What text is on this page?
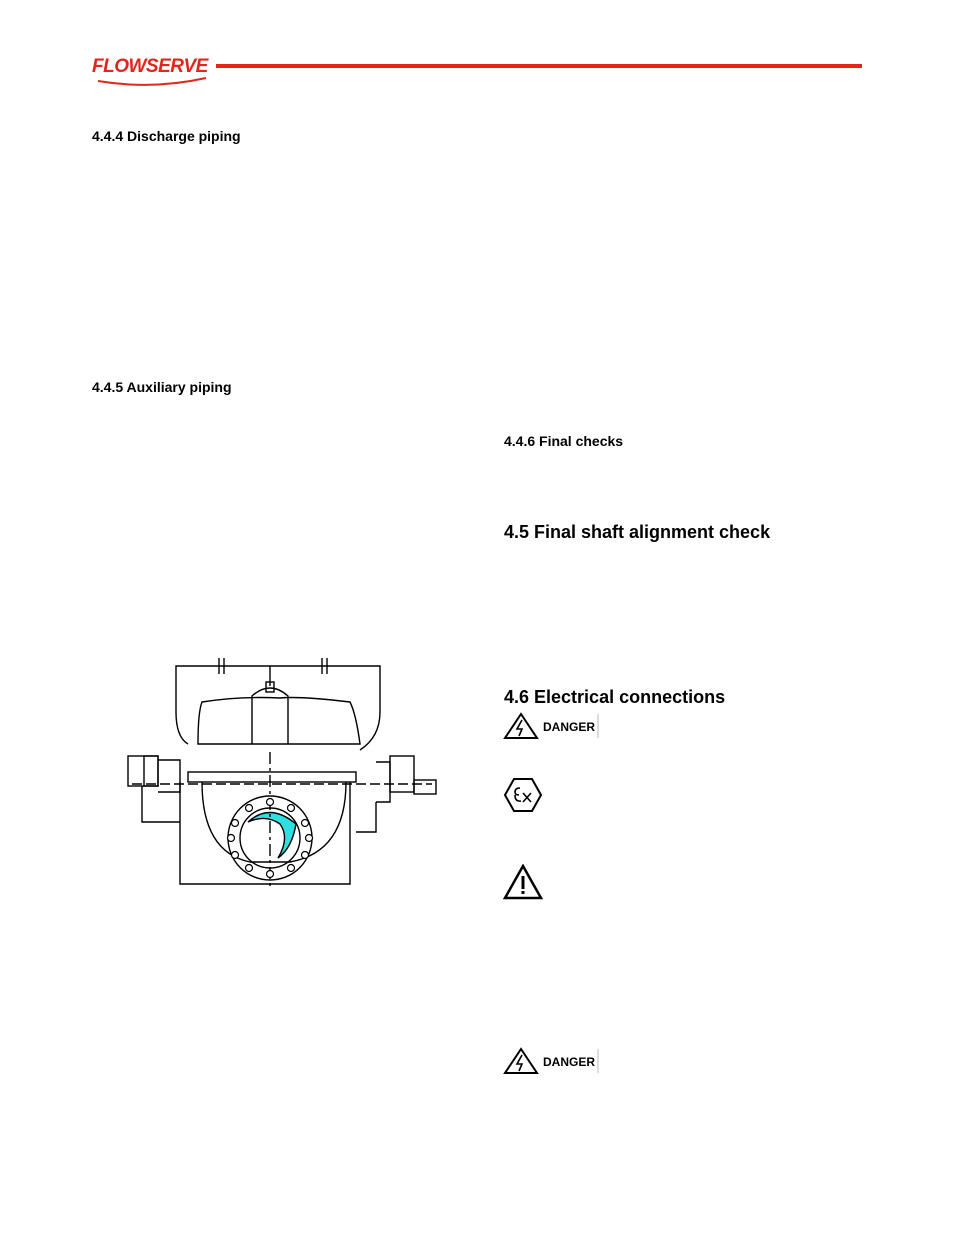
FLOWSERVE
4.4.4 Discharge piping
4.4.5 Auxiliary piping
4.4.6 Final checks
4.5 Final shaft alignment check
4.6 Electrical connections
DANGER
DANGER
